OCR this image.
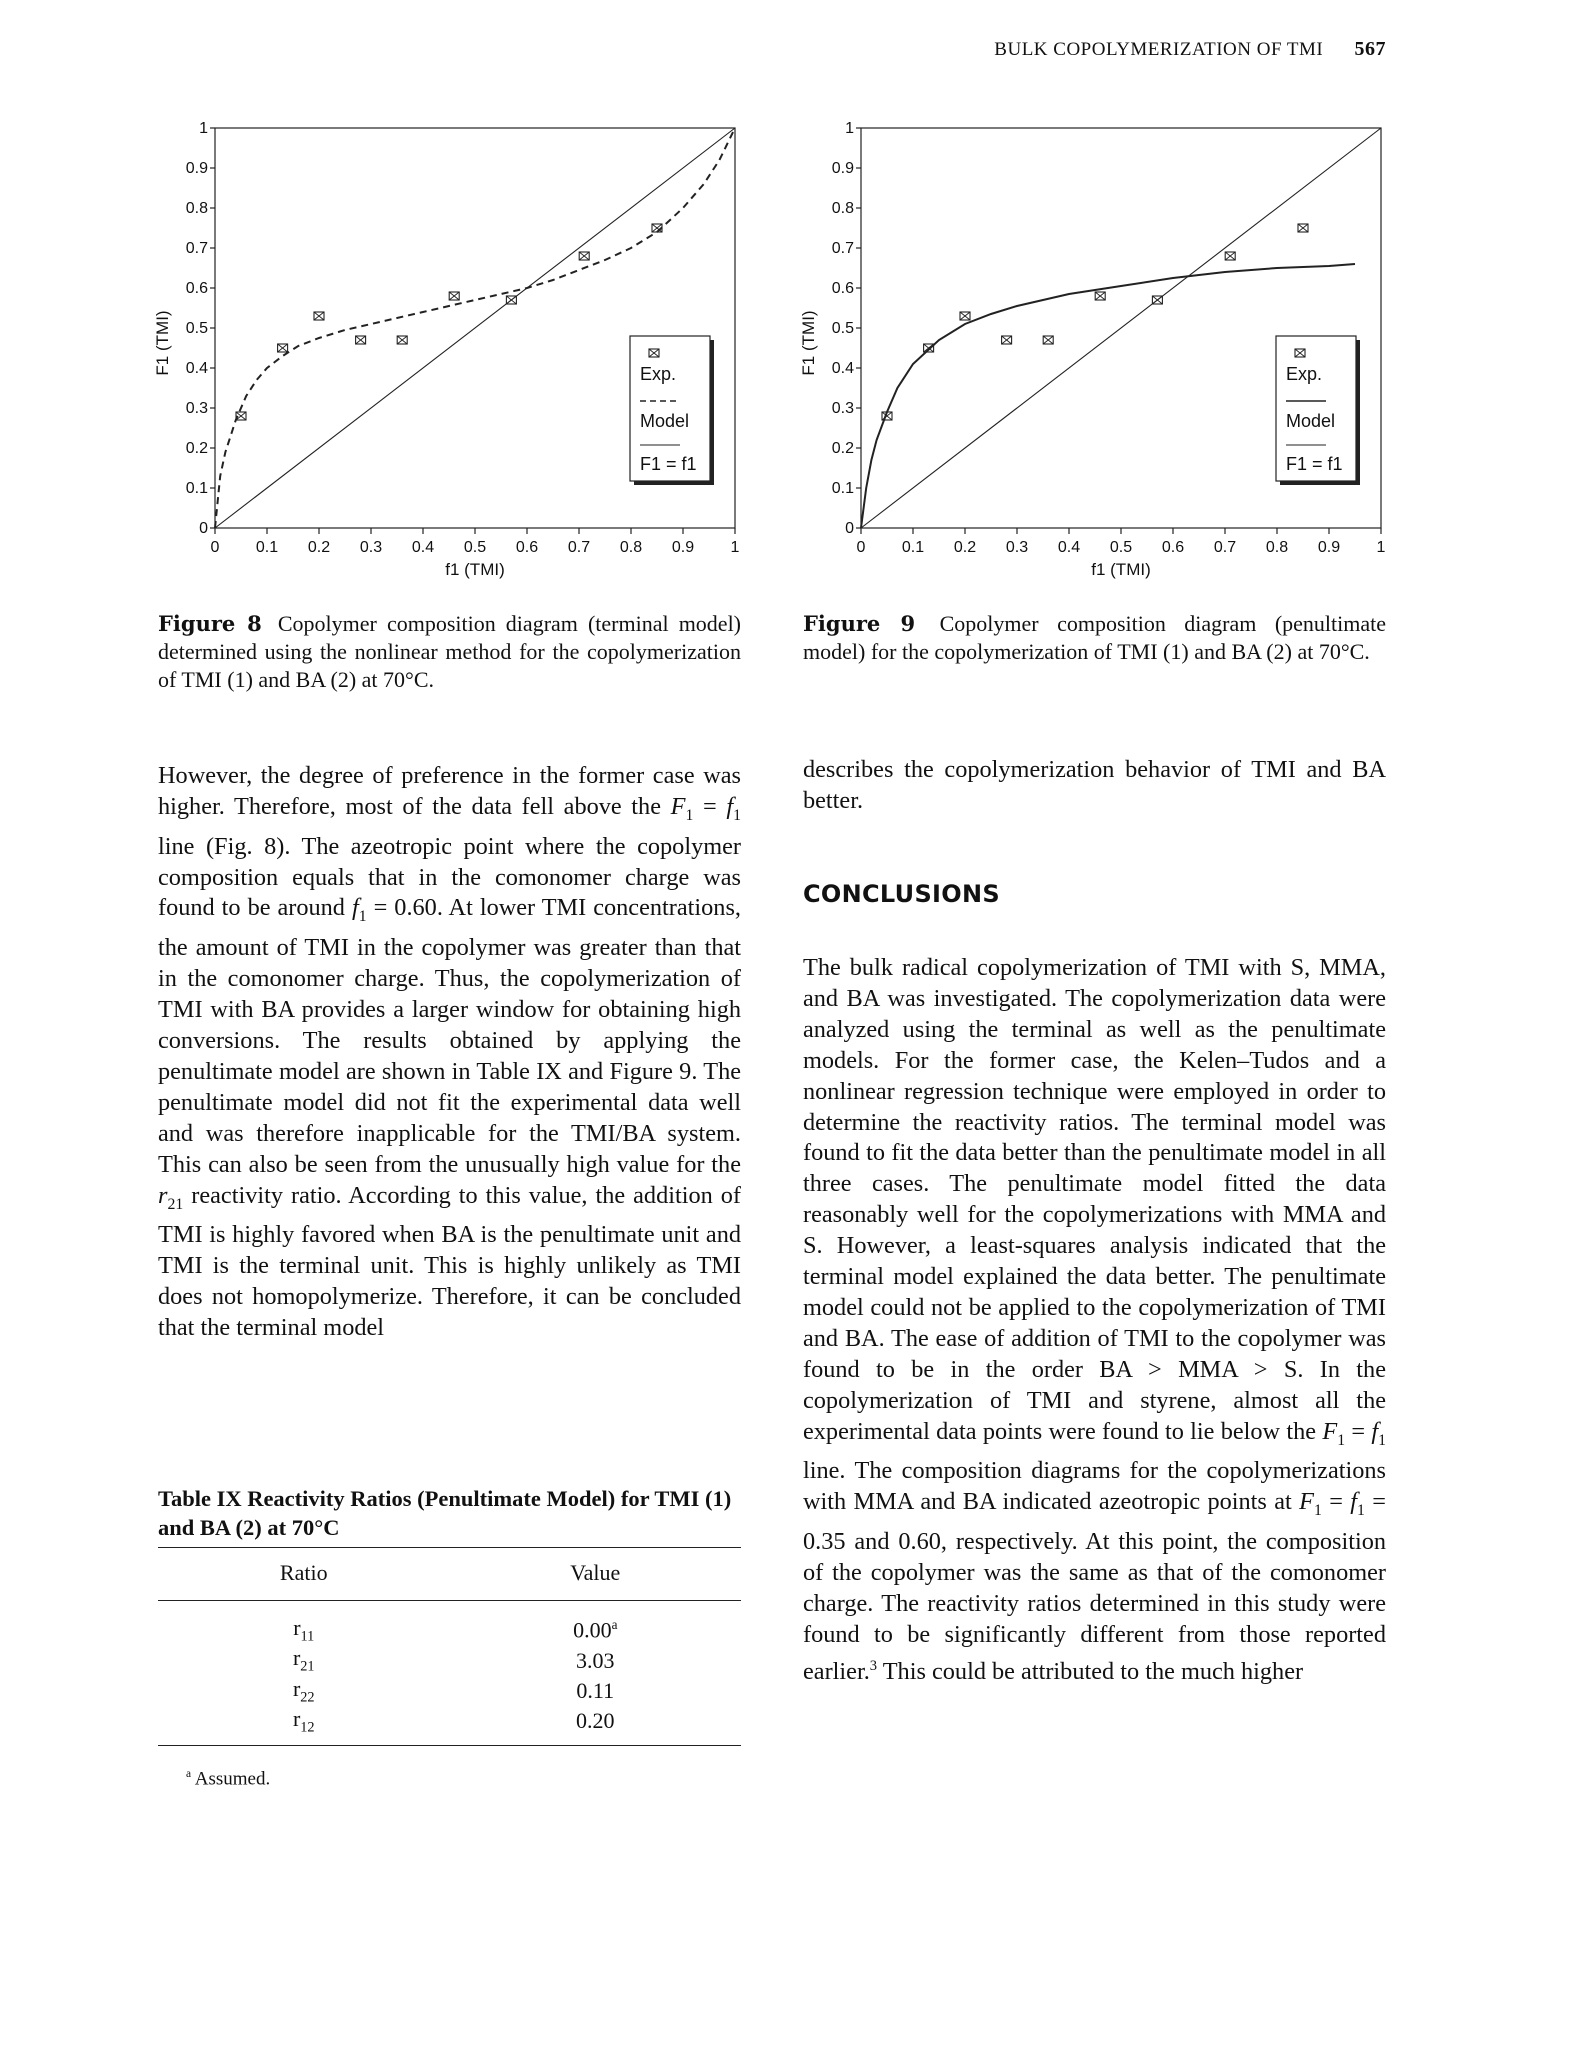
BULK COPOLYMERIZATION OF TMI 567
0
0.1
0.2
0.3
0.4
0.5
0.6
0.7
0.8
0.9
1
0 0.1 0.2 0.3 0.4 0.5 0.6 0.7 0.8 0.9 1
f1 (TMI)
F1 (TMI)	Exp.
Model
F1 = f1
Figure 8 Copolymer composition diagram (terminal model) determined using the nonlinear method for the copolymerization of TMI (1) and BA (2) at 70°C.
0
0.1
0.2
0.3
0.4
0.5
0.6
0.7
0.8
0.9
1
0 0.1 0.2 0.3 0.4 0.5 0.6 0.7 0.8 0.9 1
f1 (TMI)
F1 (TMI)	Exp.
Model
F1 = f1
Figure 9 Copolymer composition diagram (penultimate model) for the copolymerization of TMI (1) and BA (2) at 70°C.

However, the degree of preference in the former case was higher. Therefore, most of the data fell above the $F_1 = f_1$ line (Fig. 8). The azeotropic point where the copolymer composition equals that in the comonomer charge was found to be around $f_1 = 0.60$. At lower TMI concentrations, the amount of TMI in the copolymer was greater than that in the comonomer charge. Thus, the copolymerization of TMI with BA provides a larger window for obtaining high conversions. The results obtained by applying the penultimate model are shown in Table IX and Figure 9. The penultimate model did not fit the experimental data well and was therefore inapplicable for the TMI/BA system. This can also be seen from the unusually high value for the $r_{21}$ reactivity ratio. According to this value, the addition of TMI is highly favored when BA is the penultimate unit and TMI is the terminal unit. This is highly unlikely as TMI does not homopolymerize. Therefore, it can be concluded that the terminal model

Table IX Reactivity Ratios (Penultimate Model) for TMI (1) and BA (2) at 70°C
Ratio	Value
$r_{11}$	0.00$^a$
$r_{21}$	3.03
$r_{22}$	0.11
$r_{12}$	0.20
$^a$ Assumed.

describes the copolymerization behavior of TMI and BA better.

CONCLUSIONS

The bulk radical copolymerization of TMI with S, MMA, and BA was investigated. The copolymerization data were analyzed using the terminal as well as the penultimate models. For the former case, the Kelen–Tudos and a nonlinear regression technique were employed in order to determine the reactivity ratios. The terminal model was found to fit the data better than the penultimate model in all three cases. The penultimate model fitted the data reasonably well for the copolymerizations with MMA and S. However, a least-squares analysis indicated that the terminal model explained the data better. The penultimate model could not be applied to the copolymerization of TMI and BA. The ease of addition of TMI to the copolymer was found to be in the order BA > MMA > S. In the copolymerization of TMI and styrene, almost all the experimental data points were found to lie below the $F_1 = f_1$ line. The composition diagrams for the copolymerizations with MMA and BA indicated azeotropic points at $F_1 = f_1 = 0.35$ and 0.60, respectively. At this point, the composition of the copolymer was the same as that of the comonomer charge. The reactivity ratios determined in this study were found to be significantly different from those reported earlier.$^3$ This could be attributed to the much higher
